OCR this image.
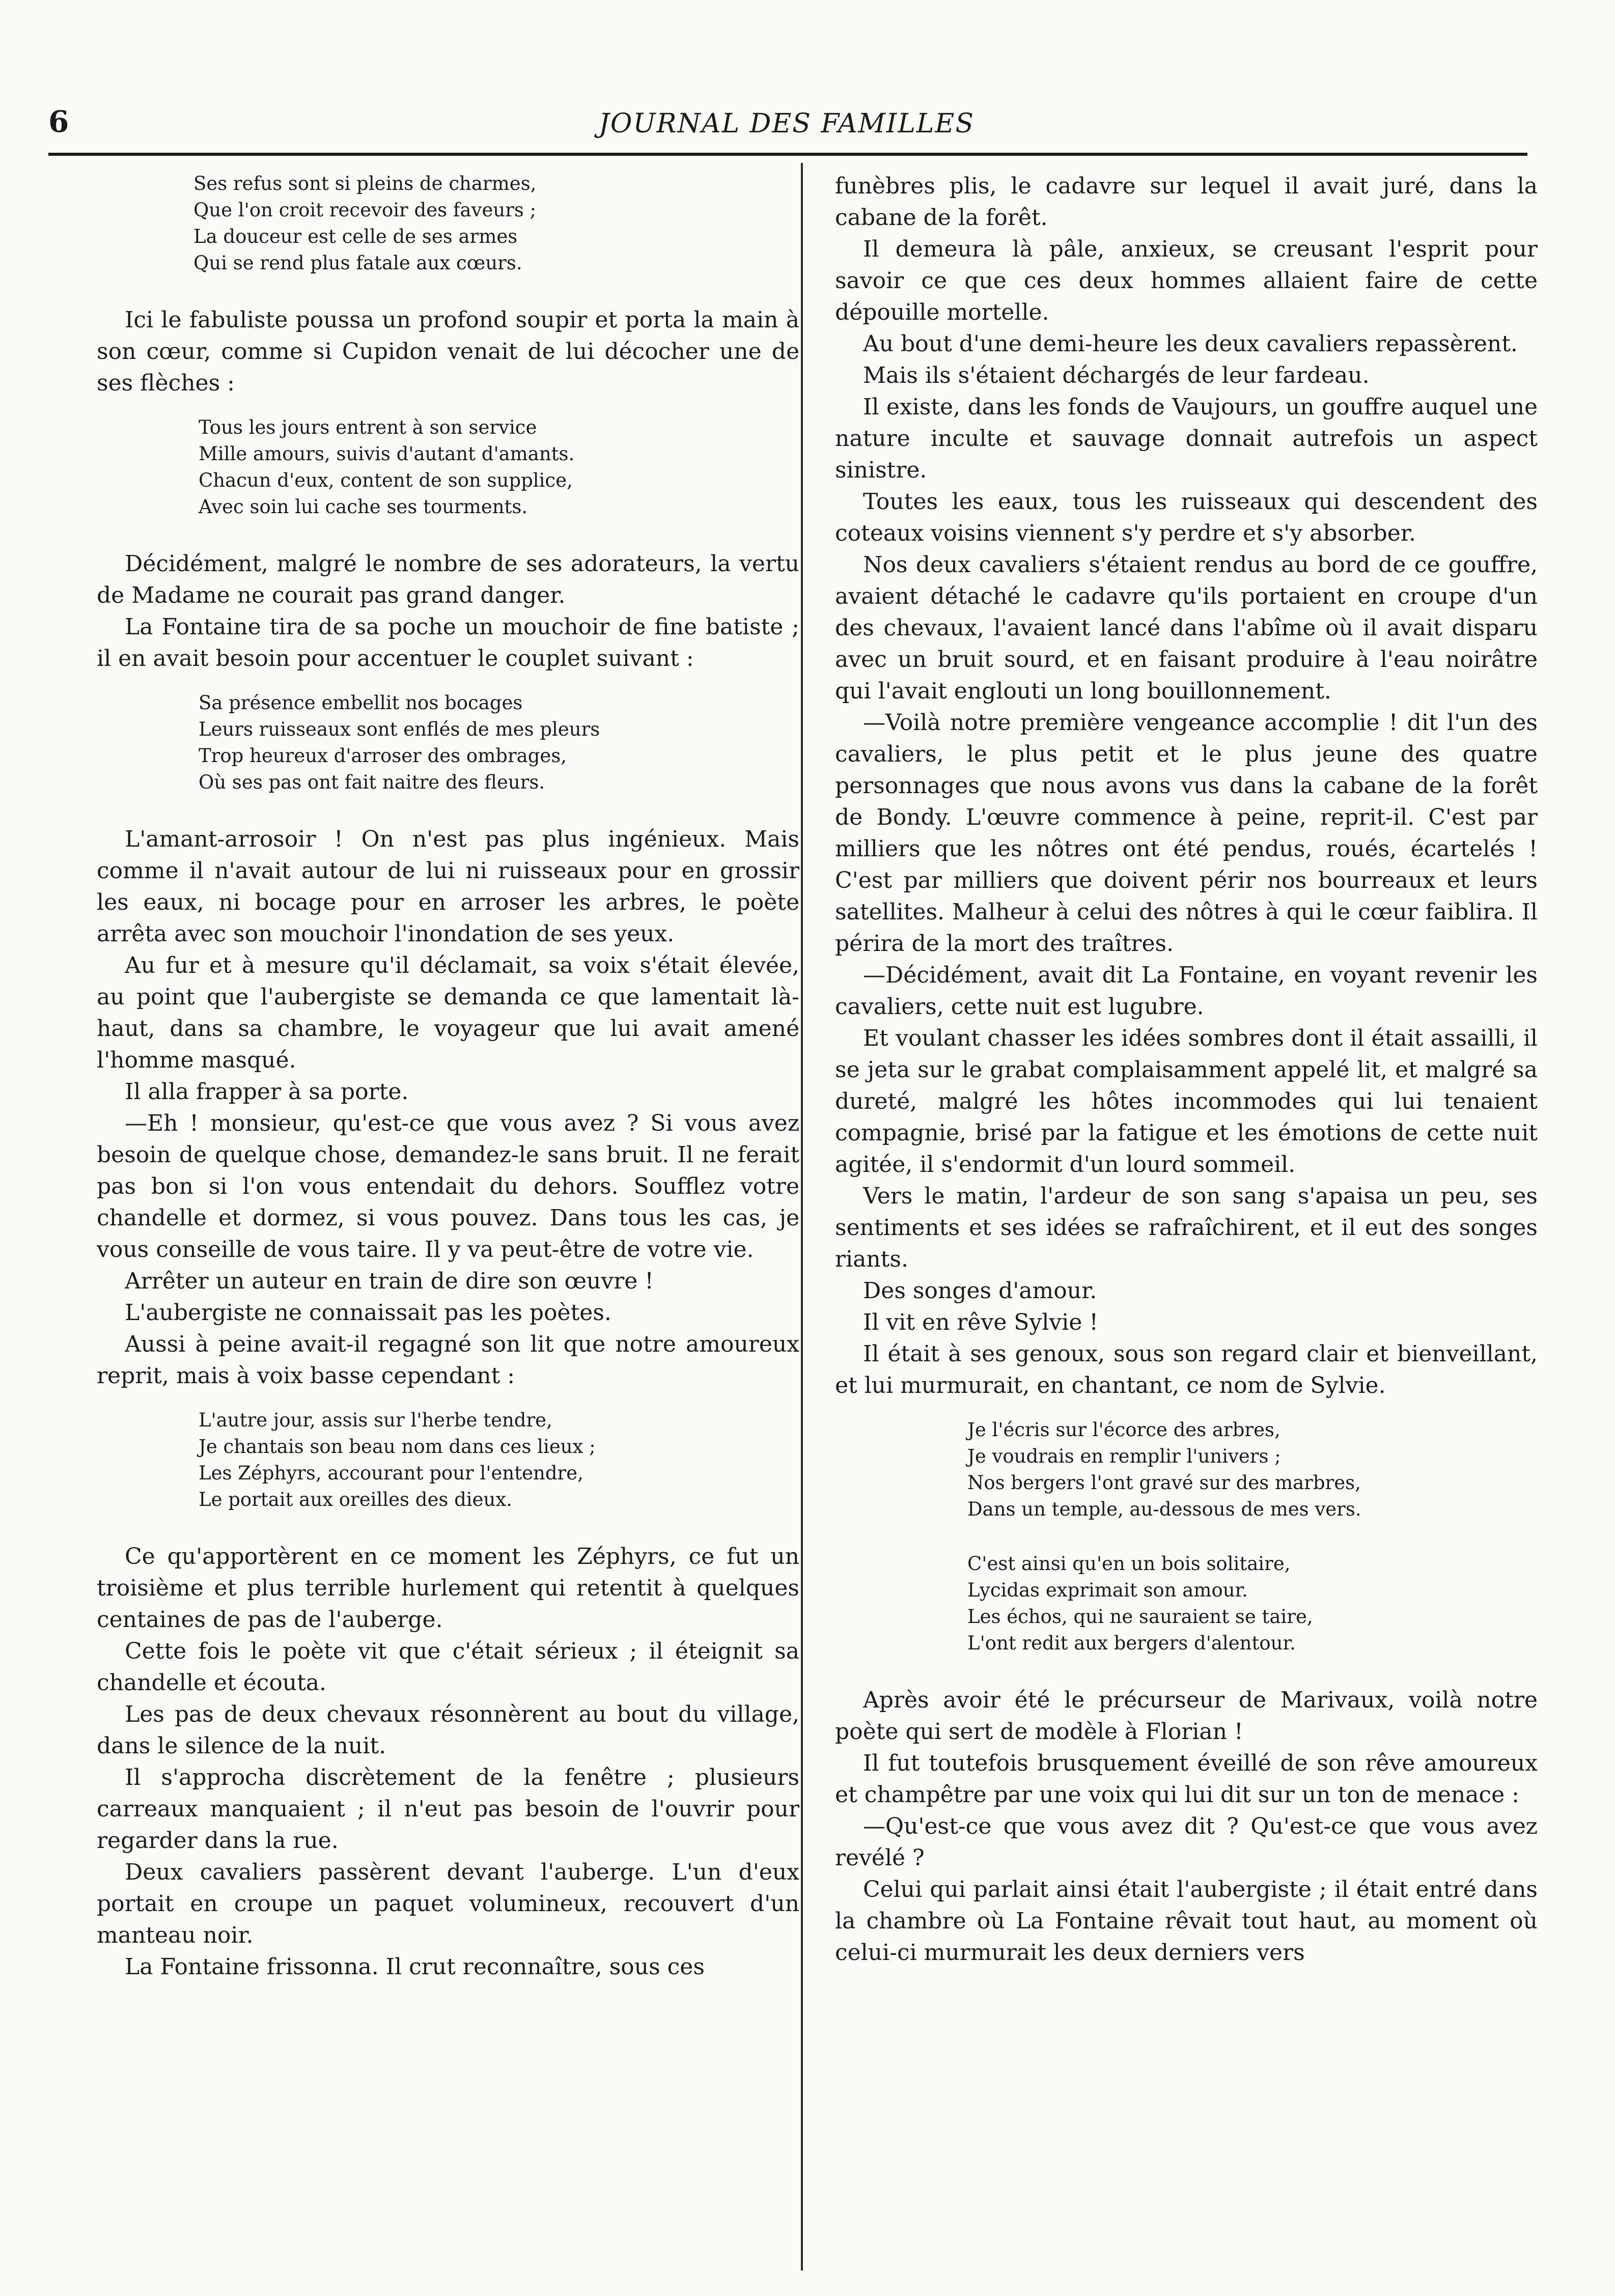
6	JOURNAL DES FAMILLES
Ses refus sont si pleins de charmes,
Que l'on croit recevoir des faveurs ;
La douceur est celle de ses armes
Qui se rend plus fatale aux cœurs.

Ici le fabuliste poussa un profond soupir et porta la main à son cœur, comme si Cupidon venait de lui décocher une de ses flèches :

Tous les jours entrent à son service
Mille amours, suivis d'autant d'amants.
Chacun d'eux, content de son supplice,
Avec soin lui cache ses tourments.

Décidément, malgré le nombre de ses adorateurs, la vertu de Madame ne courait pas grand danger.

La Fontaine tira de sa poche un mouchoir de fine batiste ; il en avait besoin pour accentuer le couplet suivant :

Sa présence embellit nos bocages
Leurs ruisseaux sont enflés de mes pleurs
Trop heureux d'arroser des ombrages,
Où ses pas ont fait naitre des fleurs.

L'amant-arrosoir ! On n'est pas plus ingénieux. Mais comme il n'avait autour de lui ni ruisseaux pour en grossir les eaux, ni bocage pour en arroser les arbres, le poète arrêta avec son mouchoir l'inondation de ses yeux.

Au fur et à mesure qu'il déclamait, sa voix s'était élevée, au point que l'aubergiste se demanda ce que lamentait là-haut, dans sa chambre, le voyageur que lui avait amené l'homme masqué.

Il alla frapper à sa porte.

—Eh ! monsieur, qu'est-ce que vous avez ? Si vous avez besoin de quelque chose, demandez-le sans bruit. Il ne ferait pas bon si l'on vous entendait du dehors. Soufflez votre chandelle et dormez, si vous pouvez. Dans tous les cas, je vous conseille de vous taire. Il y va peut-être de votre vie.

Arrêter un auteur en train de dire son œuvre !

L'aubergiste ne connaissait pas les poètes.

Aussi à peine avait-il regagné son lit que notre amoureux reprit, mais à voix basse cependant :

L'autre jour, assis sur l'herbe tendre,
Je chantais son beau nom dans ces lieux ;
Les Zéphyrs, accourant pour l'entendre,
Le portait aux oreilles des dieux.

Ce qu'apportèrent en ce moment les Zéphyrs, ce fut un troisième et plus terrible hurlement qui retentit à quelques centaines de pas de l'auberge.

Cette fois le poète vit que c'était sérieux ; il éteignit sa chandelle et écouta.

Les pas de deux chevaux résonnèrent au bout du village, dans le silence de la nuit.

Il s'approcha discrètement de la fenêtre ; plusieurs carreaux manquaient ; il n'eut pas besoin de l'ouvrir pour regarder dans la rue.

Deux cavaliers passèrent devant l'auberge. L'un d'eux portait en croupe un paquet volumineux, recouvert d'un manteau noir.

La Fontaine frissonna. Il crut reconnaître, sous ces

funèbres plis, le cadavre sur lequel il avait juré, dans la cabane de la forêt.

Il demeura là pâle, anxieux, se creusant l'esprit pour savoir ce que ces deux hommes allaient faire de cette dépouille mortelle.

Au bout d'une demi-heure les deux cavaliers repassèrent.

Mais ils s'étaient déchargés de leur fardeau.

Il existe, dans les fonds de Vaujours, un gouffre auquel une nature inculte et sauvage donnait autrefois un aspect sinistre.

Toutes les eaux, tous les ruisseaux qui descendent des coteaux voisins viennent s'y perdre et s'y absorber.

Nos deux cavaliers s'étaient rendus au bord de ce gouffre, avaient détaché le cadavre qu'ils portaient en croupe d'un des chevaux, l'avaient lancé dans l'abîme où il avait disparu avec un bruit sourd, et en faisant produire à l'eau noirâtre qui l'avait englouti un long bouillonnement.

—Voilà notre première vengeance accomplie ! dit l'un des cavaliers, le plus petit et le plus jeune des quatre personnages que nous avons vus dans la cabane de la forêt de Bondy. L'œuvre commence à peine, reprit-il. C'est par milliers que les nôtres ont été pendus, roués, écartelés ! C'est par milliers que doivent périr nos bourreaux et leurs satellites. Malheur à celui des nôtres à qui le cœur faiblira. Il périra de la mort des traîtres.

—Décidément, avait dit La Fontaine, en voyant revenir les cavaliers, cette nuit est lugubre.

Et voulant chasser les idées sombres dont il était assailli, il se jeta sur le grabat complaisamment appelé lit, et malgré sa dureté, malgré les hôtes incommodes qui lui tenaient compagnie, brisé par la fatigue et les émotions de cette nuit agitée, il s'endormit d'un lourd sommeil.

Vers le matin, l'ardeur de son sang s'apaisa un peu, ses sentiments et ses idées se rafraîchirent, et il eut des songes riants.

Des songes d'amour.

Il vit en rêve Sylvie !

Il était à ses genoux, sous son regard clair et bienveillant, et lui murmurait, en chantant, ce nom de Sylvie.

Je l'écris sur l'écorce des arbres,
Je voudrais en remplir l'univers ;
Nos bergers l'ont gravé sur des marbres,
Dans un temple, au-dessous de mes vers.
C'est ainsi qu'en un bois solitaire,
Lycidas exprimait son amour.
Les échos, qui ne sauraient se taire,
L'ont redit aux bergers d'alentour.

Après avoir été le précurseur de Marivaux, voilà notre poète qui sert de modèle à Florian !

Il fut toutefois brusquement éveillé de son rêve amoureux et champêtre par une voix qui lui dit sur un ton de menace :

—Qu'est-ce que vous avez dit ? Qu'est-ce que vous avez revélé ?

Celui qui parlait ainsi était l'aubergiste ; il était entré dans la chambre où La Fontaine rêvait tout haut, au moment où celui-ci murmurait les deux derniers vers
